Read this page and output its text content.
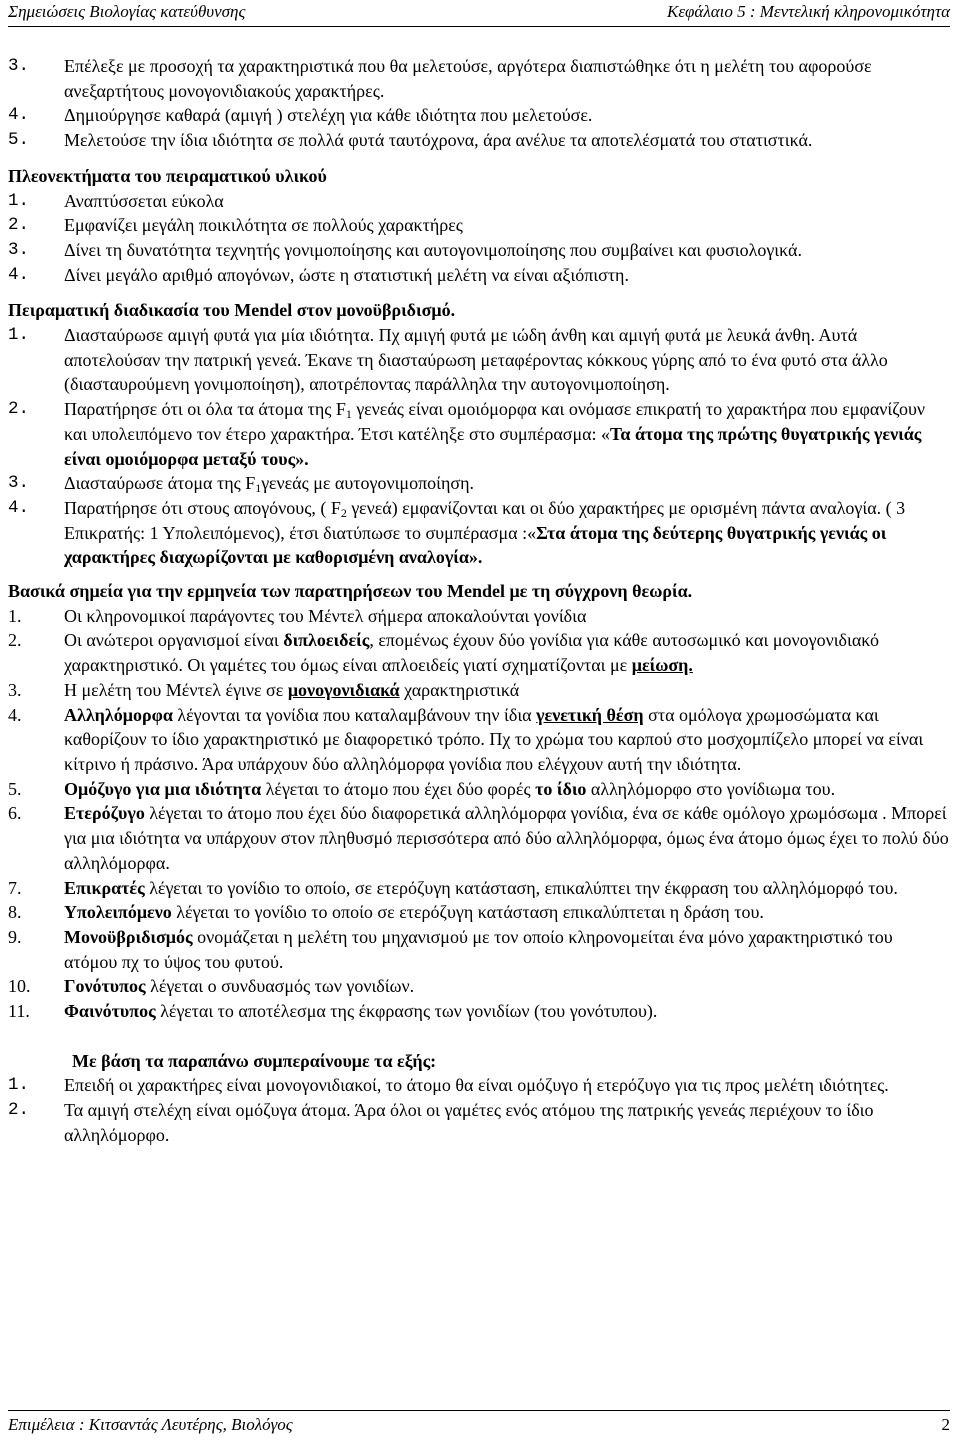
Σημειώσεις Βιολογίας κατεύθυνσης	Κεφάλαιο 5 : Μεντελική κληρονομικότητα
3.	Επέλεξε με προσοχή τα χαρακτηριστικά που θα μελετούσε, αργότερα διαπιστώθηκε ότι η μελέτη του αφορούσε ανεξαρτήτους μονογονιδιακούς χαρακτήρες.
4.	Δημιούργησε καθαρά (αμιγή ) στελέχη για κάθε ιδιότητα που μελετούσε.
5.	Μελετούσε την ίδια ιδιότητα σε πολλά φυτά ταυτόχρονα, άρα ανέλυε τα αποτελέσματά του στατιστικά.
Πλεονεκτήματα του πειραματικού υλικού
1.	Αναπτύσσεται εύκολα
2.	Εμφανίζει μεγάλη ποικιλότητα σε πολλούς χαρακτήρες
3.	Δίνει τη δυνατότητα τεχνητής γονιμοποίησης και αυτογονιμοποίησης που συμβαίνει και φυσιολογικά.
4.	Δίνει μεγάλο αριθμό απογόνων, ώστε η στατιστική μελέτη να είναι αξιόπιστη.
Πειραματική διαδικασία του Mendel στον μονοϋβριδισμό.
1.	Διασταύρωσε αμιγή φυτά για μία ιδιότητα. Πχ αμιγή φυτά με ιώδη άνθη και αμιγή φυτά με λευκά άνθη. Αυτά αποτελούσαν την πατρική γενεά. Έκανε τη διασταύρωση μεταφέροντας κόκκους γύρης από το ένα φυτό στα άλλο (διασταυρούμενη γονιμοποίηση), αποτρέποντας παράλληλα την αυτογονιμοποίηση.
2.	Παρατήρησε ότι οι όλα τα άτομα της $F_1$ γενεάς είναι ομοιόμορφα και ονόμασε επικρατή το χαρακτήρα που εμφανίζουν και υπολειπόμενο τον έτερο χαρακτήρα. Έτσι κατέληξε στο συμπέρασμα: «Τα άτομα της πρώτης θυγατρικής γενιάς είναι ομοιόμορφα μεταξύ τους».
3.	Διασταύρωσε άτομα της $F_1\gamma\varepsilon\nu\varepsilon ά\varsigma$ με αυτογονιμοποίηση.
4.	Παρατήρησε ότι στους απογόνους, ( $F_2$ γενεά) εμφανίζονται και οι δύο χαρακτήρες με ορισμένη πάντα αναλογία. ( 3 Επικρατής: 1 Υπολειπόμενος), έτσι διατύπωσε το συμπέρασμα :«Στα άτομα της δεύτερης θυγατρικής γενιάς οι χαρακτήρες διαχωρίζονται με καθορισμένη αναλογία».
Βασικά σημεία για την ερμηνεία των παρατηρήσεων του Mendel με τη σύγχρονη θεωρία.
1.	Οι κληρονομικοί παράγοντες του Μέντελ σήμερα αποκαλούνται γονίδια
2.	Οι ανώτεροι οργανισμοί είναι διπλοειδείς, επομένως έχουν δύο γονίδια για κάθε αυτοσωμικό και μονογονιδιακό χαρακτηριστικό. Οι γαμέτες του όμως είναι απλοειδείς γιατί σχηματίζονται με μείωση.
3.	Η μελέτη του Μέντελ έγινε σε μονογονιδιακά χαρακτηριστικά
4.	Αλληλόμορφα λέγονται τα γονίδια που καταλαμβάνουν την ίδια γενετική θέση στα ομόλογα χρωμοσώματα και καθορίζουν το ίδιο χαρακτηριστικό με διαφορετικό τρόπο. Πχ το χρώμα του καρπού στο μοσχομπίζελο μπορεί να είναι κίτρινο ή πράσινο. Άρα υπάρχουν δύο αλληλόμορφα γονίδια που ελέγχουν αυτή την ιδιότητα.
5.	Ομόζυγο για μια ιδιότητα λέγεται το άτομο που έχει δύο φορές το ίδιο αλληλόμορφο στο γονίδιωμα του.
6.	Ετερόζυγο λέγεται το άτομο που έχει δύο διαφορετικά αλληλόμορφα γονίδια, ένα σε κάθε ομόλογο χρωμόσωμα . Μπορεί για μια ιδιότητα να υπάρχουν στον πληθυσμό περισσότερα από δύο αλληλόμορφα, όμως ένα άτομο όμως έχει το πολύ δύο αλληλόμορφα.
7.	Επικρατές λέγεται το γονίδιο το οποίο, σε ετερόζυγη κατάσταση, επικαλύπτει την έκφραση του αλληλόμορφό του.
8.	Υπολειπόμενο λέγεται το γονίδιο το οποίο σε ετερόζυγη κατάσταση επικαλύπτεται η δράση του.
9.	Μονοϋβριδισμός ονομάζεται η μελέτη του μηχανισμού με τον οποίο κληρονομείται ένα μόνο χαρακτηριστικό του ατόμου πχ το ύψος του φυτού.
10.	Γονότυπος λέγεται ο συνδυασμός των γονιδίων.
11.	Φαινότυπος λέγεται το αποτέλεσμα της έκφρασης των γονιδίων (του γονότυπου).
Με βάση τα παραπάνω συμπεραίνουμε τα εξής:
1.	Επειδή οι χαρακτήρες είναι μονογονιδιακοί, το άτομο θα είναι ομόζυγο ή ετερόζυγο για τις προς μελέτη ιδιότητες.
2.	Τα αμιγή στελέχη είναι ομόζυγα άτομα. Άρα όλοι οι γαμέτες ενός ατόμου της πατρικής γενεάς περιέχουν το ίδιο αλληλόμορφο.
Επιμέλεια : Κιτσαντάς Λευτέρης, Βιολόγος	2
